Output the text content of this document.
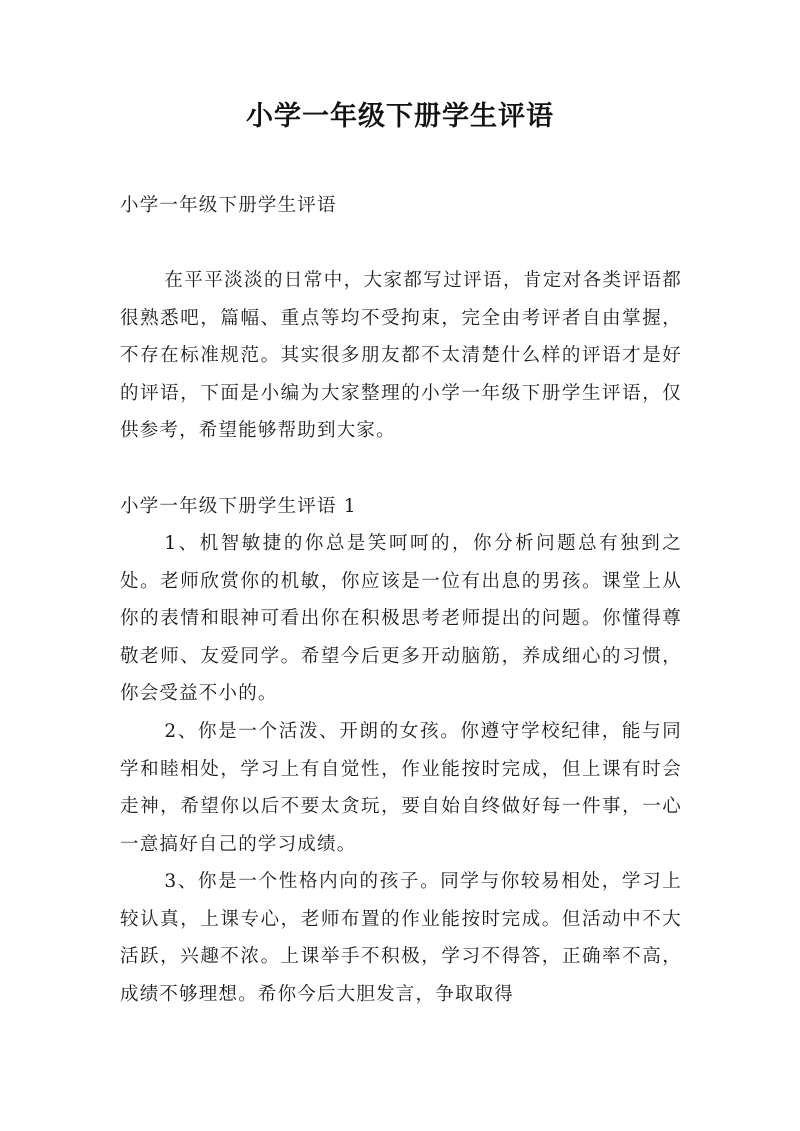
小学一年级下册学生评语

小学一年级下册学生评语

在平平淡淡的日常中，大家都写过评语，肯定对各类评语都很熟悉吧，篇幅、重点等均不受拘束，完全由考评者自由掌握，不存在标准规范。其实很多朋友都不太清楚什么样的评语才是好的评语，下面是小编为大家整理的小学一年级下册学生评语，仅供参考，希望能够帮助到大家。

小学一年级下册学生评语 1

1、机智敏捷的你总是笑呵呵的，你分析问题总有独到之处。老师欣赏你的机敏，你应该是一位有出息的男孩。课堂上从你的表情和眼神可看出你在积极思考老师提出的问题。你懂得尊敬老师、友爱同学。希望今后更多开动脑筋，养成细心的习惯，你会受益不小的。

2、你是一个活泼、开朗的女孩。你遵守学校纪律，能与同学和睦相处，学习上有自觉性，作业能按时完成，但上课有时会走神，希望你以后不要太贪玩，要自始自终做好每一件事，一心一意搞好自己的学习成绩。

3、你是一个性格内向的孩子。同学与你较易相处，学习上较认真，上课专心，老师布置的作业能按时完成。但活动中不大活跃，兴趣不浓。上课举手不积极，学习不得答，正确率不高，成绩不够理想。希你今后大胆发言，争取取得
